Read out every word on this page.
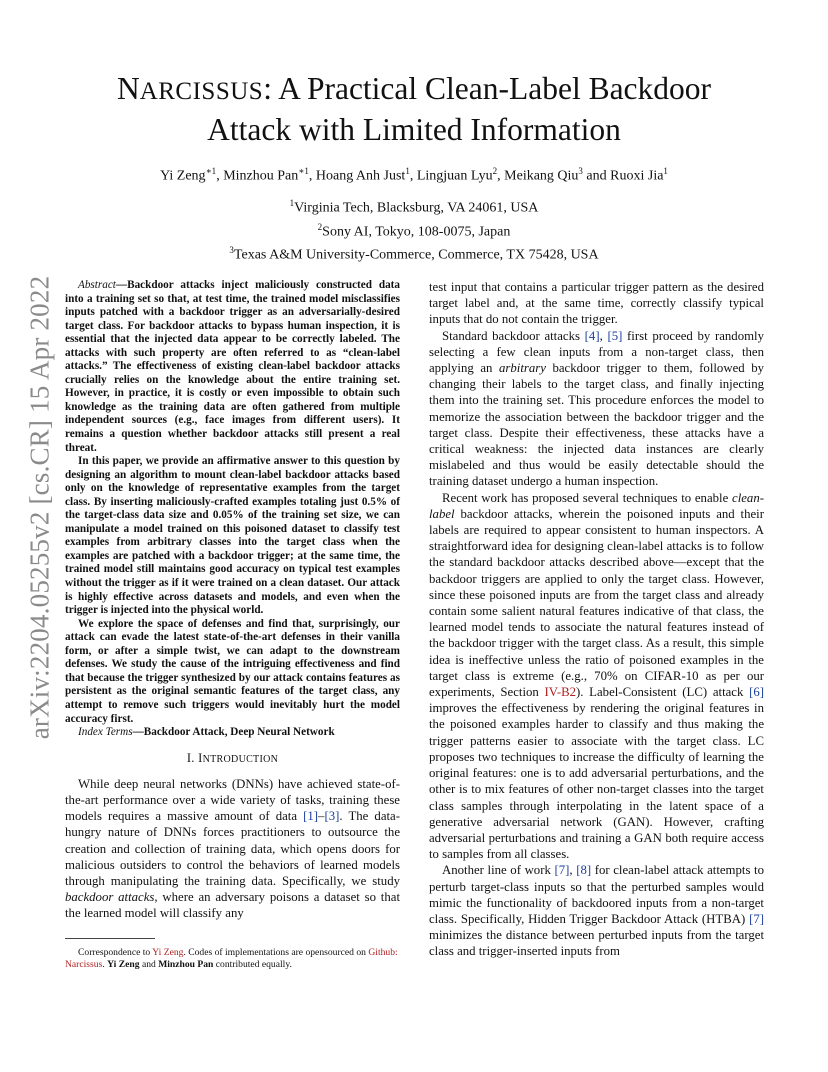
arXiv:2204.05255v2 [cs.CR] 15 Apr 2022
NARCISSUS: A Practical Clean-Label Backdoor
Attack with Limited Information
Yi Zeng$^{∗1}$, Minzhou Pan$^{∗1}$, Hoang Anh Just$^1$, Lingjuan Lyu$^2$, Meikang Qiu$^3$ and Ruoxi Jia$^1$
$^1$Virginia Tech, Blacksburg, VA 24061, USA
$^2$Sony AI, Tokyo, 108-0075, Japan
$^3$Texas A&M University-Commerce, Commerce, TX 75428, USA

Abstract—Backdoor attacks inject maliciously constructed data into a training set so that, at test time, the trained model misclassifies inputs patched with a backdoor trigger as an adversarially-desired target class. For backdoor attacks to bypass human inspection, it is essential that the injected data appear to be correctly labeled. The attacks with such property are often referred to as “clean-label attacks.” The effectiveness of existing clean-label backdoor attacks crucially relies on the knowledge about the entire training set. However, in practice, it is costly or even impossible to obtain such knowledge as the training data are often gathered from multiple independent sources (e.g., face images from different users). It remains a question whether backdoor attacks still present a real threat.

In this paper, we provide an affirmative answer to this question by designing an algorithm to mount clean-label backdoor attacks based only on the knowledge of representative examples from the target class. By inserting maliciously-crafted examples totaling just 0.5% of the target-class data size and 0.05% of the training set size, we can manipulate a model trained on this poisoned dataset to classify test examples from arbitrary classes into the target class when the examples are patched with a backdoor trigger; at the same time, the trained model still maintains good accuracy on typical test examples without the trigger as if it were trained on a clean dataset. Our attack is highly effective across datasets and models, and even when the trigger is injected into the physical world.

We explore the space of defenses and find that, surprisingly, our attack can evade the latest state-of-the-art defenses in their vanilla form, or after a simple twist, we can adapt to the downstream defenses. We study the cause of the intriguing effectiveness and find that because the trigger synthesized by our attack contains features as persistent as the original semantic features of the target class, any attempt to remove such triggers would inevitably hurt the model accuracy first.

Index Terms—Backdoor Attack, Deep Neural Network

I. INTRODUCTION

While deep neural networks (DNNs) have achieved state-of-the-art performance over a wide variety of tasks, training these models requires a massive amount of data [1]–[3]. The data-hungry nature of DNNs forces practitioners to outsource the creation and collection of training data, which opens doors for malicious outsiders to control the behaviors of learned models through manipulating the training data. Specifically, we study backdoor attacks, where an adversary poisons a dataset so that the learned model will classify any

Correspondence to Yi Zeng. Codes of implementations are opensourced on Github: Narcissus. Yi Zeng and Minzhou Pan contributed equally.

test input that contains a particular trigger pattern as the desired target label and, at the same time, correctly classify typical inputs that do not contain the trigger.

Standard backdoor attacks [4], [5] first proceed by randomly selecting a few clean inputs from a non-target class, then applying an arbitrary backdoor trigger to them, followed by changing their labels to the target class, and finally injecting them into the training set. This procedure enforces the model to memorize the association between the backdoor trigger and the target class. Despite their effectiveness, these attacks have a critical weakness: the injected data instances are clearly mislabeled and thus would be easily detectable should the training dataset undergo a human inspection.

Recent work has proposed several techniques to enable clean-label backdoor attacks, wherein the poisoned inputs and their labels are required to appear consistent to human inspectors. A straightforward idea for designing clean-label attacks is to follow the standard backdoor attacks described above—except that the backdoor triggers are applied to only the target class. However, since these poisoned inputs are from the target class and already contain some salient natural features indicative of that class, the learned model tends to associate the natural features instead of the backdoor trigger with the target class. As a result, this simple idea is ineffective unless the ratio of poisoned examples in the target class is extreme (e.g., 70% on CIFAR-10 as per our experiments, Section IV-B2). Label-Consistent (LC) attack [6] improves the effectiveness by rendering the original features in the poisoned examples harder to classify and thus making the trigger patterns easier to associate with the target class. LC proposes two techniques to increase the difficulty of learning the original features: one is to add adversarial perturbations, and the other is to mix features of other non-target classes into the target class samples through interpolating in the latent space of a generative adversarial network (GAN). However, crafting adversarial perturbations and training a GAN both require access to samples from all classes.

Another line of work [7], [8] for clean-label attack attempts to perturb target-class inputs so that the perturbed samples would mimic the functionality of backdoored inputs from a non-target class. Specifically, Hidden Trigger Backdoor Attack (HTBA) [7] minimizes the distance between perturbed inputs from the target class and trigger-inserted inputs from
